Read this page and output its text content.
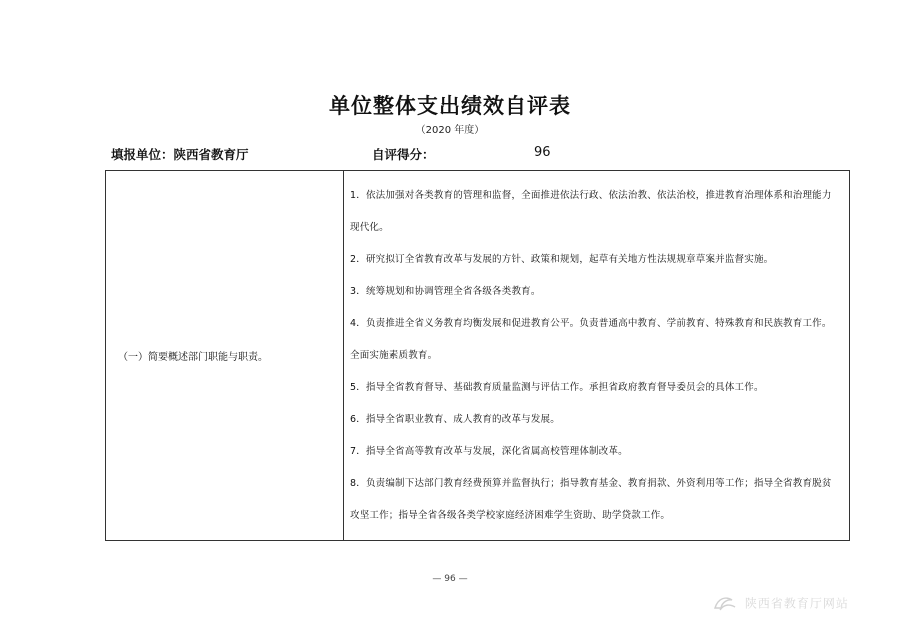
单位整体支出绩效自评表
（2020 年度）
填报单位：陕西省教育厅	自评得分：	96
（一）简要概述部门职能与职责。	

1．依法加强对各类教育的管理和监督，全面推进依法行政、依法治教、依法治校，推进教育治理体系和治理能力现代化。

2．研究拟订全省教育改革与发展的方针、政策和规划，起草有关地方性法规规章草案并监督实施。

3．统筹规划和协调管理全省各级各类教育。

4．负责推进全省义务教育均衡发展和促进教育公平。负责普通高中教育、学前教育、特殊教育和民族教育工作。全面实施素质教育。

5．指导全省教育督导、基础教育质量监测与评估工作。承担省政府教育督导委员会的具体工作。

6．指导全省职业教育、成人教育的改革与发展。

7．指导全省高等教育改革与发展，深化省属高校管理体制改革。

8．负责编制下达部门教育经费预算并监督执行；指导教育基金、教育捐款、外资利用等工作；指导全省教育脱贫攻坚工作；指导全省各级各类学校家庭经济困难学生资助、助学贷款工作。

— 96 —
陕西省教育厅网站
